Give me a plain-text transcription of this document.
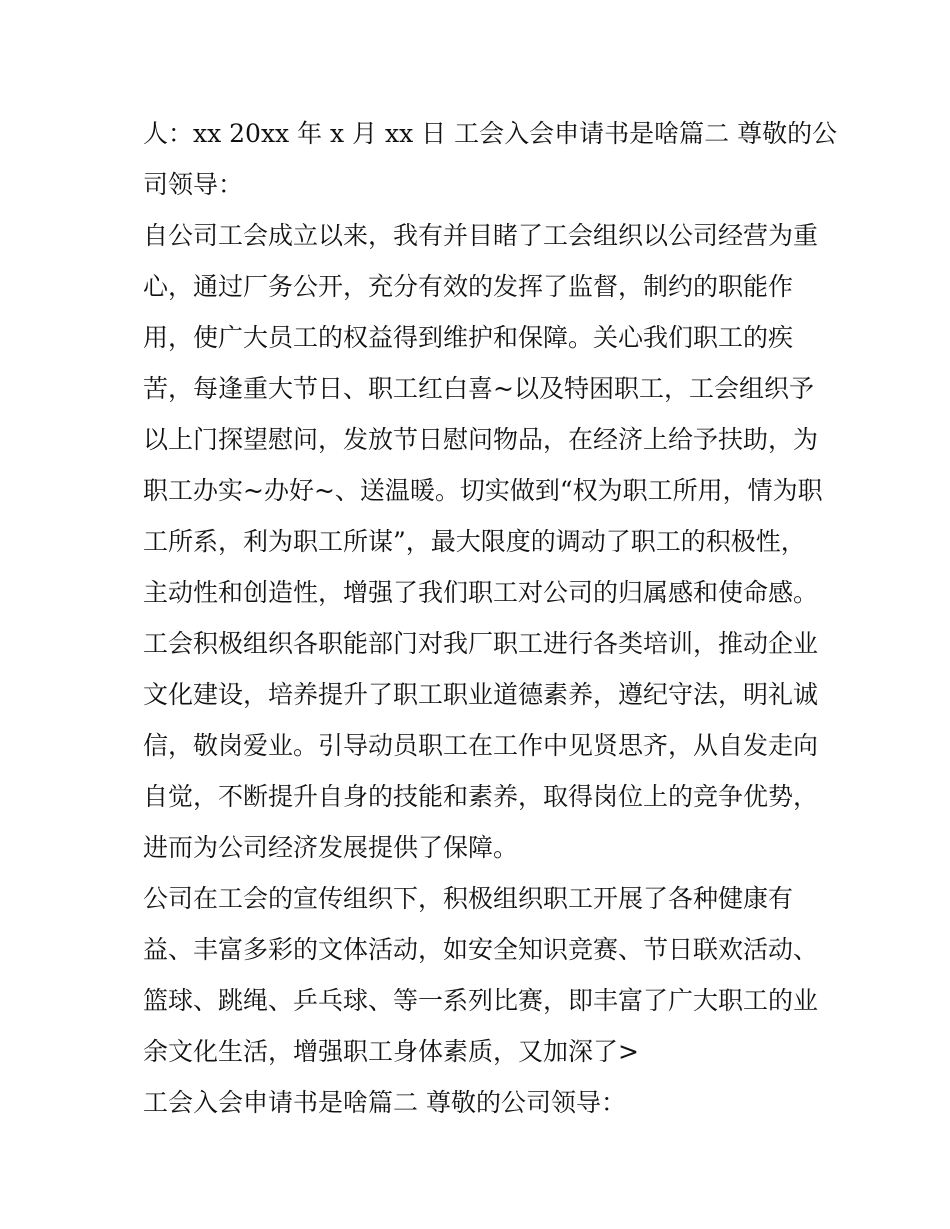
人：xx 20xx 年 x 月 xx 日 工会入会申请书是啥篇二 尊敬的公
司领导：
自公司工会成立以来，我有并目睹了工会组织以公司经营为重
心，通过厂务公开，充分有效的发挥了监督，制约的职能作
用，使广大员工的权益得到维护和保障。关心我们职工的疾
苦，每逢重大节日、职工红白喜~以及特困职工，工会组织予
以上门探望慰问，发放节日慰问物品，在经济上给予扶助，为
职工办实~办好~、送温暖。切实做到“权为职工所用，情为职
工所系，利为职工所谋”，最大限度的调动了职工的积极性，
主动性和创造性，增强了我们职工对公司的归属感和使命感。
工会积极组织各职能部门对我厂职工进行各类培训，推动企业
文化建设，培养提升了职工职业道德素养，遵纪守法，明礼诚
信，敬岗爱业。引导动员职工在工作中见贤思齐，从自发走向
自觉，不断提升自身的技能和素养，取得岗位上的竞争优势，
进而为公司经济发展提供了保障。
公司在工会的宣传组织下，积极组织职工开展了各种健康有
益、丰富多彩的文体活动，如安全知识竞赛、节日联欢活动、
篮球、跳绳、乒乓球、等一系列比赛，即丰富了广大职工的业
余文化生活，增强职工身体素质，又加深了>
工会入会申请书是啥篇二 尊敬的公司领导：
